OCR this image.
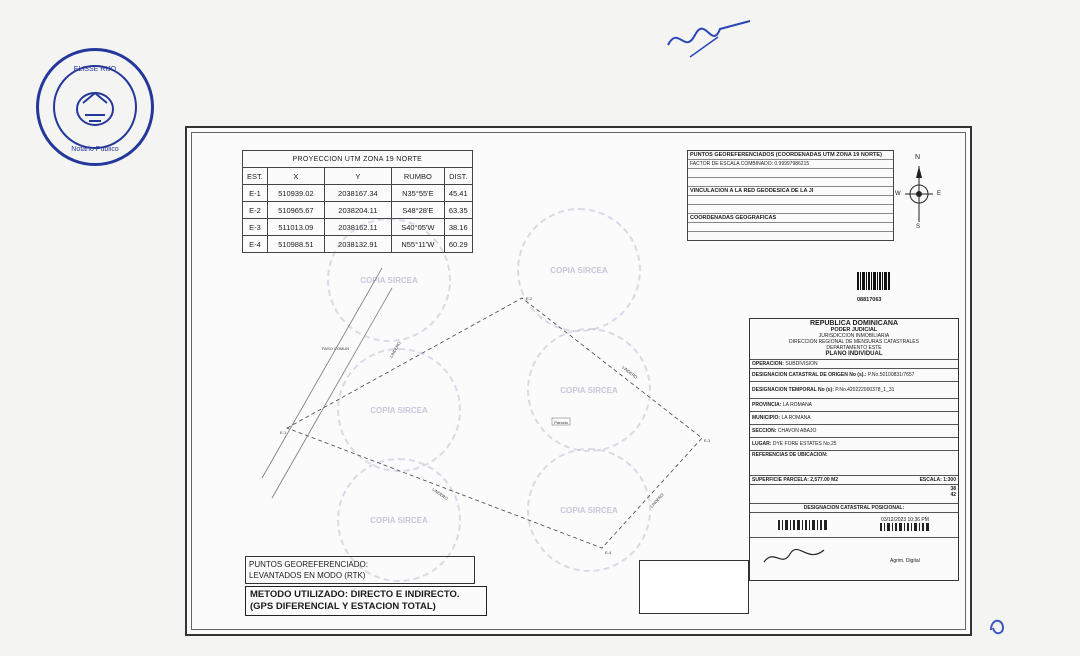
ELISSE RIJO
Notario Publico
PROYECCION UTM ZONA 19 NORTE				
EST.	X	Y	RUMBO	DIST.
E-1	510939.02	2038167.34	N35°55'E	45.41
E-2	510965.67	2038204.11	S48°28'E	63.35
E-3	511013.09	2038162.11	S40°05'W	38.16
E-4	510988.51	2038132.91	N55°11'W	60.29
PUNTOS GEOREFERENCIADOS (COORDENADAS UTM ZONA 19 NORTE)
FACTOR DE ESCALA COMBINADO: 0.99997986215
VINCULACION A LA RED GEODESICA DE LA JI
COORDENADAS GEOGRAFICAS
N
S
E
W
08817063
Parcela
E-2
E-3
E-4
E-1
LINDERO
LINDERO
LINDERO
LINDERO
PASO COMUN
COPIA SIRCEA
COPIA SIRCEA
COPIA SIRCEA
COPIA SIRCEA
COPIA SIRCEA
COPIA SIRCEA
REPUBLICA DOMINICANA
PODER JUDICIAL
JURISDICCION INMOBILIARIA
DIRECCION REGIONAL DE MENSURAS CATASTRALES
DEPARTAMENTO ESTE
PLANO INDIVIDUAL
OPERACION: SUBDIVISION
DESIGNACION CATASTRAL DE ORIGEN No (s).: P.No.50100831/7657
DESIGNACION TEMPORAL No (s): P.No.420222000378_1_31
PROVINCIA: LA ROMANA
MUNICIPIO: LA ROMANA
SECCION: CHAVON ABAJO
LUGAR: DYE FORE ESTATES No.25
REFERENCIAS DE UBICACION:
SUPERFICIE PARCELA: 2,577.00 M2	ESCALA: 1:300
38
42
DESIGNACION CATASTRAL POSICIONAL:
03/12/2023 10:36 PM
Agrim. Digital
PUNTOS GEOREFERENCIADO:
LEVANTADOS EN MODO (RTK)
METODO UTILIZADO: DIRECTO E INDIRECTO.
(GPS DIFERENCIAL Y ESTACION TOTAL)
